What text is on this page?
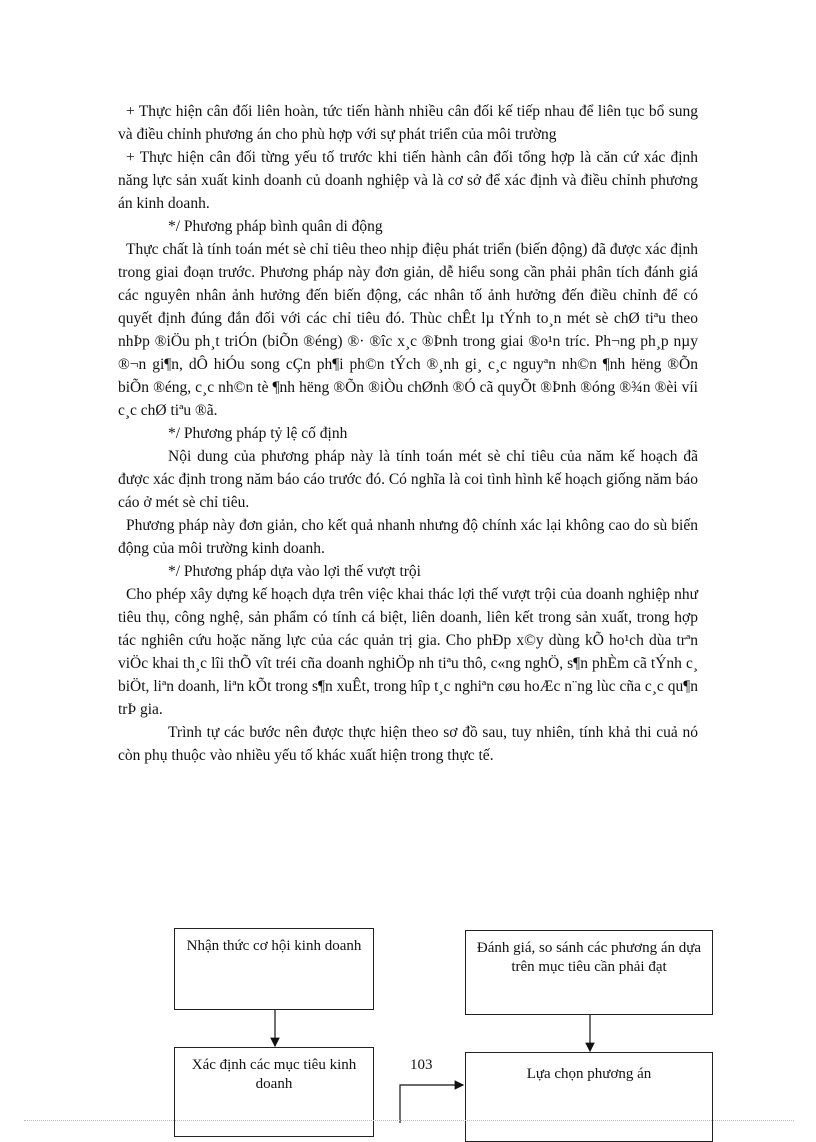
+ Thực hiện cân đối liên hoàn, tức tiến hành nhiều cân đối kế tiếp nhau để liên tục bổ sung và điều chỉnh phương án cho phù hợp với sự phát triển của môi trường

+ Thực hiện cân đối từng yếu tố trước khi tiến hành cân đối tổng hợp là căn cứ xác định năng lực sản xuất kinh doanh củ doanh nghiệp và là cơ sở để xác định và điều chỉnh phương án kinh doanh.

*/ Phương pháp bình quân di động

Thực chất là tính toán mét sè chỉ tiêu theo nhịp điệu phát triển (biến động) đã được xác định trong giai đoạn trước. Phương pháp này đơn giản, dễ hiểu song cần phải phân tích đánh giá các nguyên nhân ảnh hưởng đến biến động, các nhân tố ảnh hưởng đến điều chỉnh để có quyết định đúng đắn đối với các chỉ tiêu đó. Thùc chÊt lµ tÝnh to¸n mét sè chØ tiªu theo nhÞp ®iÖu ph¸t triÓn (biÕn ®éng) ®· ®îc x¸c ®Þnh trong giai ®o¹n tríc. Ph¬ng ph¸p nµy ®¬n gi¶n, dÔ hiÓu song cÇn ph¶i ph©n tÝch ®¸nh gi¸ c¸c nguyªn nh©n ¶nh hëng ®Õn biÕn ®éng, c¸c nh©n tè ¶nh hëng ®Õn ®iÒu chØnh ®Ó cã quyÕt ®Þnh ®óng ®¾n ®èi víi c¸c chØ tiªu ®ã.

*/ Phương pháp tỷ lệ cố định

Nội dung của phương pháp này là tính toán mét sè chỉ tiêu của năm kế hoạch đã được xác định trong năm báo cáo trước đó. Có nghĩa là coi tình hình kế hoạch giống năm báo cáo ở mét sè chỉ tiêu.

Phương pháp này đơn giản, cho kết quả nhanh nhưng độ chính xác lại không cao do sù biến động của môi trường kinh doanh.

*/ Phương pháp dựa vào lợi thế vượt trội

Cho phép xây dựng kế hoạch dựa trên việc khai thác lợi thế vượt trội của doanh nghiệp như tiêu thụ, công nghệ, sản phẩm có tính cá biệt, liên doanh, liên kết trong sản xuất, trong hợp tác nghiên cứu hoặc năng lực của các quản trị gia. Cho phÐp x©y dùng kÕ ho¹ch dùa trªn viÖc khai th¸c lîi thÕ vît tréi cña doanh nghiÖp nh tiªu thô, c«ng nghÖ, s¶n phÈm cã tÝnh c¸ biÖt, liªn doanh, liªn kÕt trong s¶n xuÊt, trong hîp t¸c nghiªn cøu hoÆc n¨ng lùc cña c¸c qu¶n trÞ gia.

Trình tự các bước nên được thực hiện theo sơ đồ sau, tuy nhiên, tính khả thi cuả nó còn phụ thuộc vào nhiều yếu tố khác xuất hiện trong thực tế.

Nhận thức cơ hội kinh doanh	Đánh giá, so sánh các phương án dựa trên mục tiêu cần phải đạt
Xác định các mục tiêu kinh doanh
Lựa chọn phương án
103
